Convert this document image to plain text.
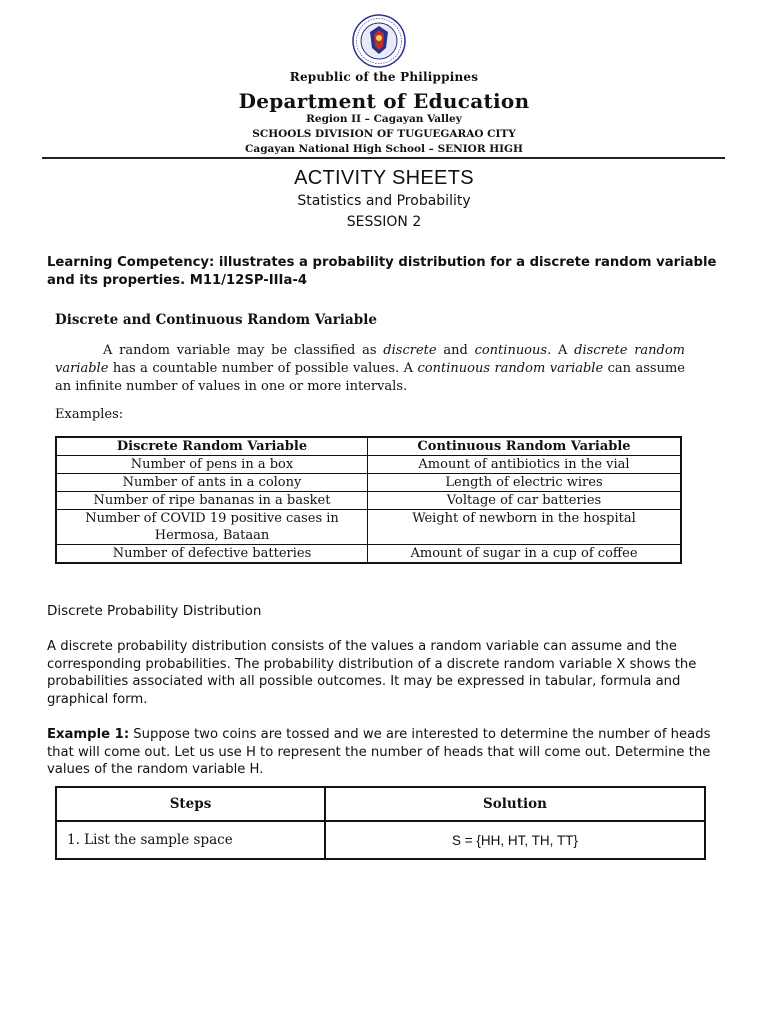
Republic of the Philippines
Department of Education
Region II – Cagayan Valley
SCHOOLS DIVISION OF TUGUEGARAO CITY
Cagayan National High School – SENIOR HIGH
ACTIVITY SHEETS
Statistics and Probability
SESSION 2
Learning Competency: illustrates a probability distribution for a discrete random variable and its properties. M11/12SP-IIIa-4
Discrete and Continuous Random Variable
A random variable may be classified as discrete and continuous. A discrete random variable has a countable number of possible values. A continuous random variable can assume an infinite number of values in one or more intervals.
Examples:
Discrete Random Variable	Continuous Random Variable
Number of pens in a box	Amount of antibiotics in the vial
Number of ants in a colony	Length of electric wires
Number of ripe bananas in a basket	Voltage of car batteries
Number of COVID 19 positive cases in Hermosa, Bataan	Weight of newborn in the hospital
Number of defective batteries	Amount of sugar in a cup of coffee
Discrete Probability Distribution
A discrete probability distribution consists of the values a random variable can assume and the corresponding probabilities. The probability distribution of a discrete random variable X shows the probabilities associated with all possible outcomes. It may be expressed in tabular, formula and graphical form.
Example 1: Suppose two coins are tossed and we are interested to determine the number of heads that will come out. Let us use H to represent the number of heads that will come out. Determine the values of the random variable H.
Steps	Solution
1. List the sample space	S = {HH, HT, TH, TT}
